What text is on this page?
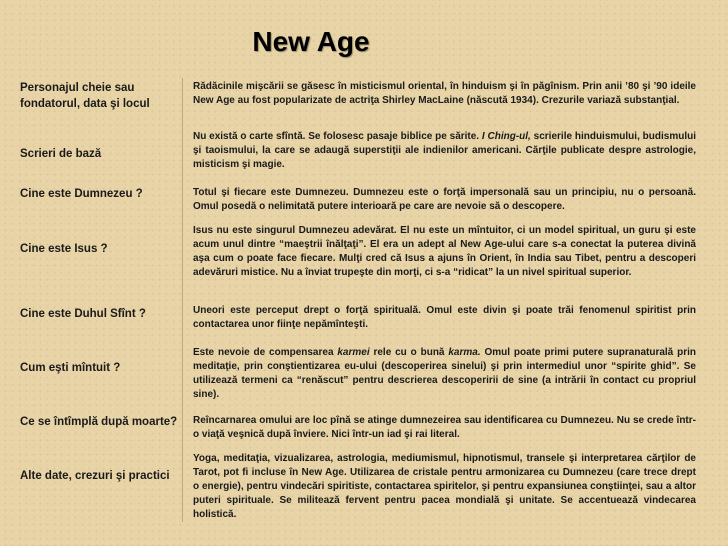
New Age
Personajul cheie sau fondatorul, data şi locul
Rădăcinile mişcării se găsesc în misticismul oriental, în hinduism şi în păgînism. Prin anii ’80 şi ’90 ideile New Age au fost popularizate de actriţa Shirley MacLaine (născută 1934). Crezurile variază substanţial.
Scrieri de bază
Nu există o carte sfîntă. Se folosesc pasaje biblice pe sărite. I Ching-ul, scrierile hinduismului, budismului şi taoismului, la care se adaugă superstiţii ale indienilor americani. Cărţile publicate despre astrologie, misticism şi magie.
Cine este Dumnezeu ?	Totul şi fiecare este Dumnezeu. Dumnezeu este o forţă impersonală sau un principiu, nu o persoană. Omul posedă o nelimitată putere interioară pe care are nevoie să o descopere.
Cine este Isus ?
Isus nu este singurul Dumnezeu adevărat. El nu este un mîntuitor, ci un model spiritual, un guru şi este acum unul dintre “maeştrii înălţaţi”. El era un adept al New Age-ului care s-a conectat la puterea divină aşa cum o poate face fiecare. Mulţi cred că Isus a ajuns în Orient, în India sau Tibet, pentru a descoperi adevăruri mistice. Nu a înviat trupeşte din morţi, ci s-a “ridicat” la un nivel spiritual superior.
Cine este Duhul Sfînt ?	Uneori este perceput drept o forţă spirituală. Omul este divin şi poate trăi fenomenul spiritist prin contactarea unor fiinţe nepămînteşti.
Cum eşti mîntuit ?
Este nevoie de compensarea karmei rele cu o bună karma. Omul poate primi putere supranaturală prin meditaţie, prin conştientizarea eu-ului (descoperirea sinelui) şi prin intermediul unor “spirite ghid”. Se utilizează termeni ca “renăscut” pentru descrierea descoperirii de sine (a intrării în contact cu propriul sine).
Ce se întîmplă după moarte? Reîncarnarea omului are loc pînă se atinge dumnezeirea sau identificarea cu Dumnezeu. Nu se crede într-o viaţă veşnică după înviere. Nici într-un iad şi rai literal.
Alte date, crezuri şi practici
Yoga, meditaţia, vizualizarea, astrologia, mediumismul, hipnotismul, transele şi interpretarea cărţilor de Tarot, pot fi incluse în New Age. Utilizarea de cristale pentru armonizarea cu Dumnezeu (care trece drept o energie), pentru vindecări spiritiste, contactarea spiritelor, şi pentru expansiunea conştiinţei, sau a altor puteri spirituale. Se militează fervent pentru pacea mondială şi unitate. Se accentuează vindecarea holistică.
